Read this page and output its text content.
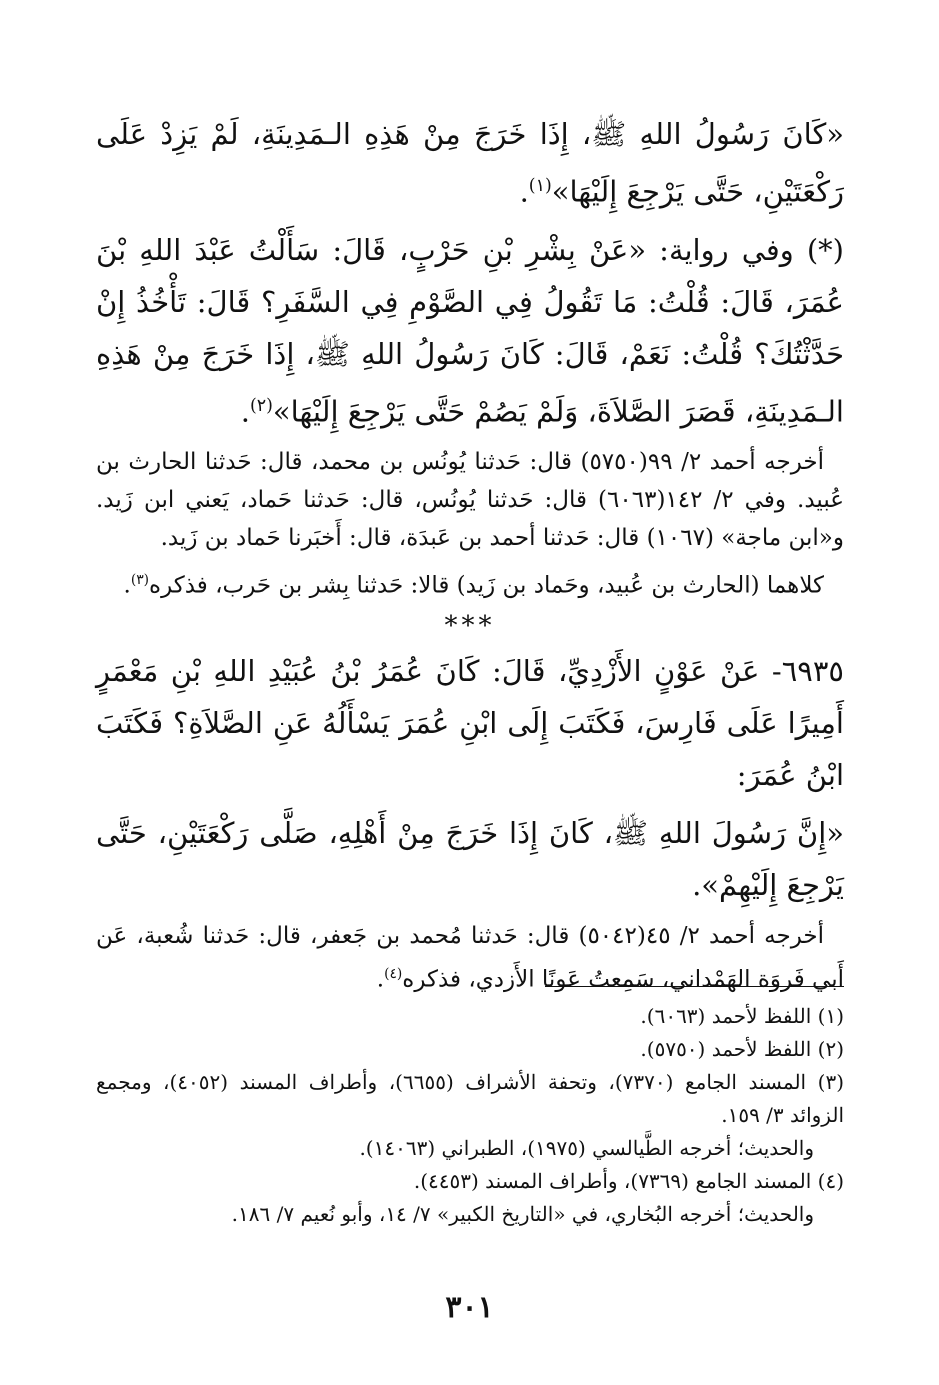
«كَانَ رَسُولُ اللهِ ﷺ، إِذَا خَرَجَ مِنْ هَذِهِ الـمَدِينَةِ، لَمْ يَزِدْ عَلَى رَكْعَتَيْنِ، حَتَّى يَرْجِعَ إِلَيْهَا»$^{(١)}$.

(*) وفي رواية: «عَنْ بِشْرِ بْنِ حَرْبٍ، قَالَ: سَأَلْتُ عَبْدَ اللهِ بْنَ عُمَرَ، قَالَ: قُلْتُ: مَا تَقُولُ فِي الصَّوْمِ فِي السَّفَرِ؟ قَالَ: تَأْخُذُ إِنْ حَدَّثْتُكَ؟ قُلْتُ: نَعَمْ، قَالَ: كَانَ رَسُولُ اللهِ ﷺ، إِذَا خَرَجَ مِنْ هَذِهِ الـمَدِينَةِ، قَصَرَ الصَّلاَةَ، وَلَمْ يَصُمْ حَتَّى يَرْجِعَ إِلَيْهَا»$^{(٢)}$.

أخرجه أحمد ٢/ ٩٩(٥٧٥٠) قال: حَدثنا يُونُس بن محمد، قال: حَدثنا الحارث بن عُبيد. وفي ٢/ ١٤٢(٦٠٦٣) قال: حَدثنا يُونُس، قال: حَدثنا حَماد، يَعني ابن زَيد. و«ابن ماجة» (١٠٦٧) قال: حَدثنا أحمد بن عَبدَة، قال: أَخبَرنا حَماد بن زَيد.

كلاهما (الحارث بن عُبيد، وحَماد بن زَيد) قالا: حَدثنا بِشر بن حَرب، فذكره$^{(٣)}$.

***

٦٩٣٥- عَنْ عَوْنٍ الأَزْدِيِّ، قَالَ: كَانَ عُمَرُ بْنُ عُبَيْدِ اللهِ بْنِ مَعْمَرٍ أَمِيرًا عَلَى فَارِسَ، فَكَتَبَ إِلَى ابْنِ عُمَرَ يَسْأَلُهُ عَنِ الصَّلاَةِ؟ فَكَتَبَ ابْنُ عُمَرَ:

«إِنَّ رَسُولَ اللهِ ﷺ، كَانَ إِذَا خَرَجَ مِنْ أَهْلِهِ، صَلَّى رَكْعَتَيْنِ، حَتَّى يَرْجِعَ إِلَيْهِمْ».

أخرجه أحمد ٢/ ٤٥(٥٠٤٢) قال: حَدثنا مُحمد بن جَعفر، قال: حَدثنا شُعبة، عَن أَبي فَروَة الهَمْداني، سَمِعتُ عَونًا الأَزدي، فذكره$^{(٤)}$.

(١) اللفظ لأحمد (٦٠٦٣).

(٢) اللفظ لأحمد (٥٧٥٠).

(٣) المسند الجامع (٧٣٧٠)، وتحفة الأشراف (٦٦٥٥)، وأطراف المسند (٤٠٥٢)، ومجمع الزوائد ٣/ ١٥٩.

والحديث؛ أخرجه الطَّيالسي (١٩٧٥)، الطبراني (١٤٠٦٣).

(٤) المسند الجامع (٧٣٦٩)، وأطراف المسند (٤٤٥٣).

والحديث؛ أخرجه البُخاري، في «التاريخ الكبير» ٧/ ١٤، وأبو نُعيم ٧/ ١٨٦.

٣٠١
